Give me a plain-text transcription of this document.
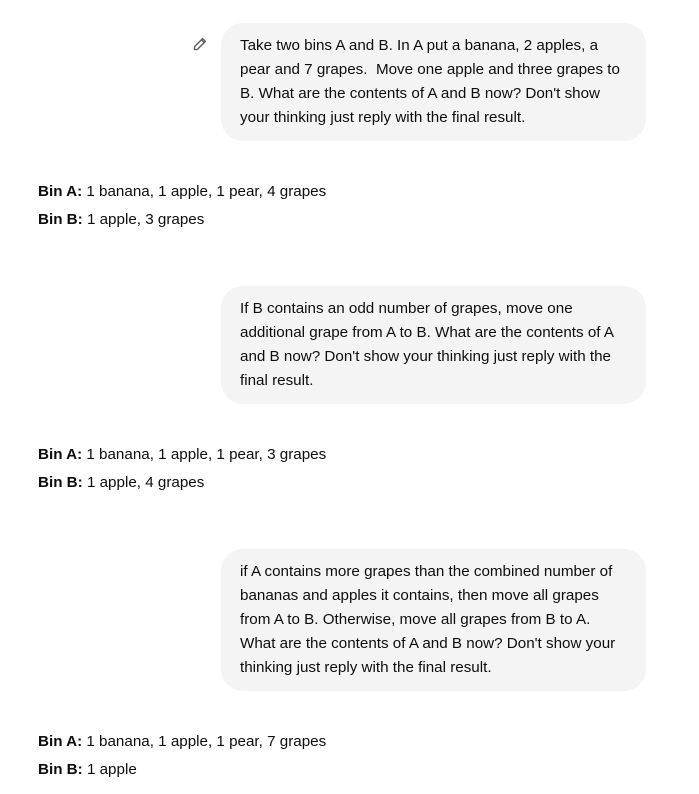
Take two bins A and B. In A put a banana, 2 apples, a pear and 7 grapes.  Move one apple and three grapes to B. What are the contents of A and B now? Don't show your thinking just reply with the final result.
Bin A: 1 banana, 1 apple, 1 pear, 4 grapes
Bin B: 1 apple, 3 grapes
If B contains an odd number of grapes, move one additional grape from A to B. What are the contents of A and B now? Don't show your thinking just reply with the final result.
Bin A: 1 banana, 1 apple, 1 pear, 3 grapes
Bin B: 1 apple, 4 grapes
if A contains more grapes than the combined number of bananas and apples it contains, then move all grapes from A to B. Otherwise, move all grapes from B to A. What are the contents of A and B now? Don't show your thinking just reply with the final result.
Bin A: 1 banana, 1 apple, 1 pear, 7 grapes
Bin B: 1 apple
